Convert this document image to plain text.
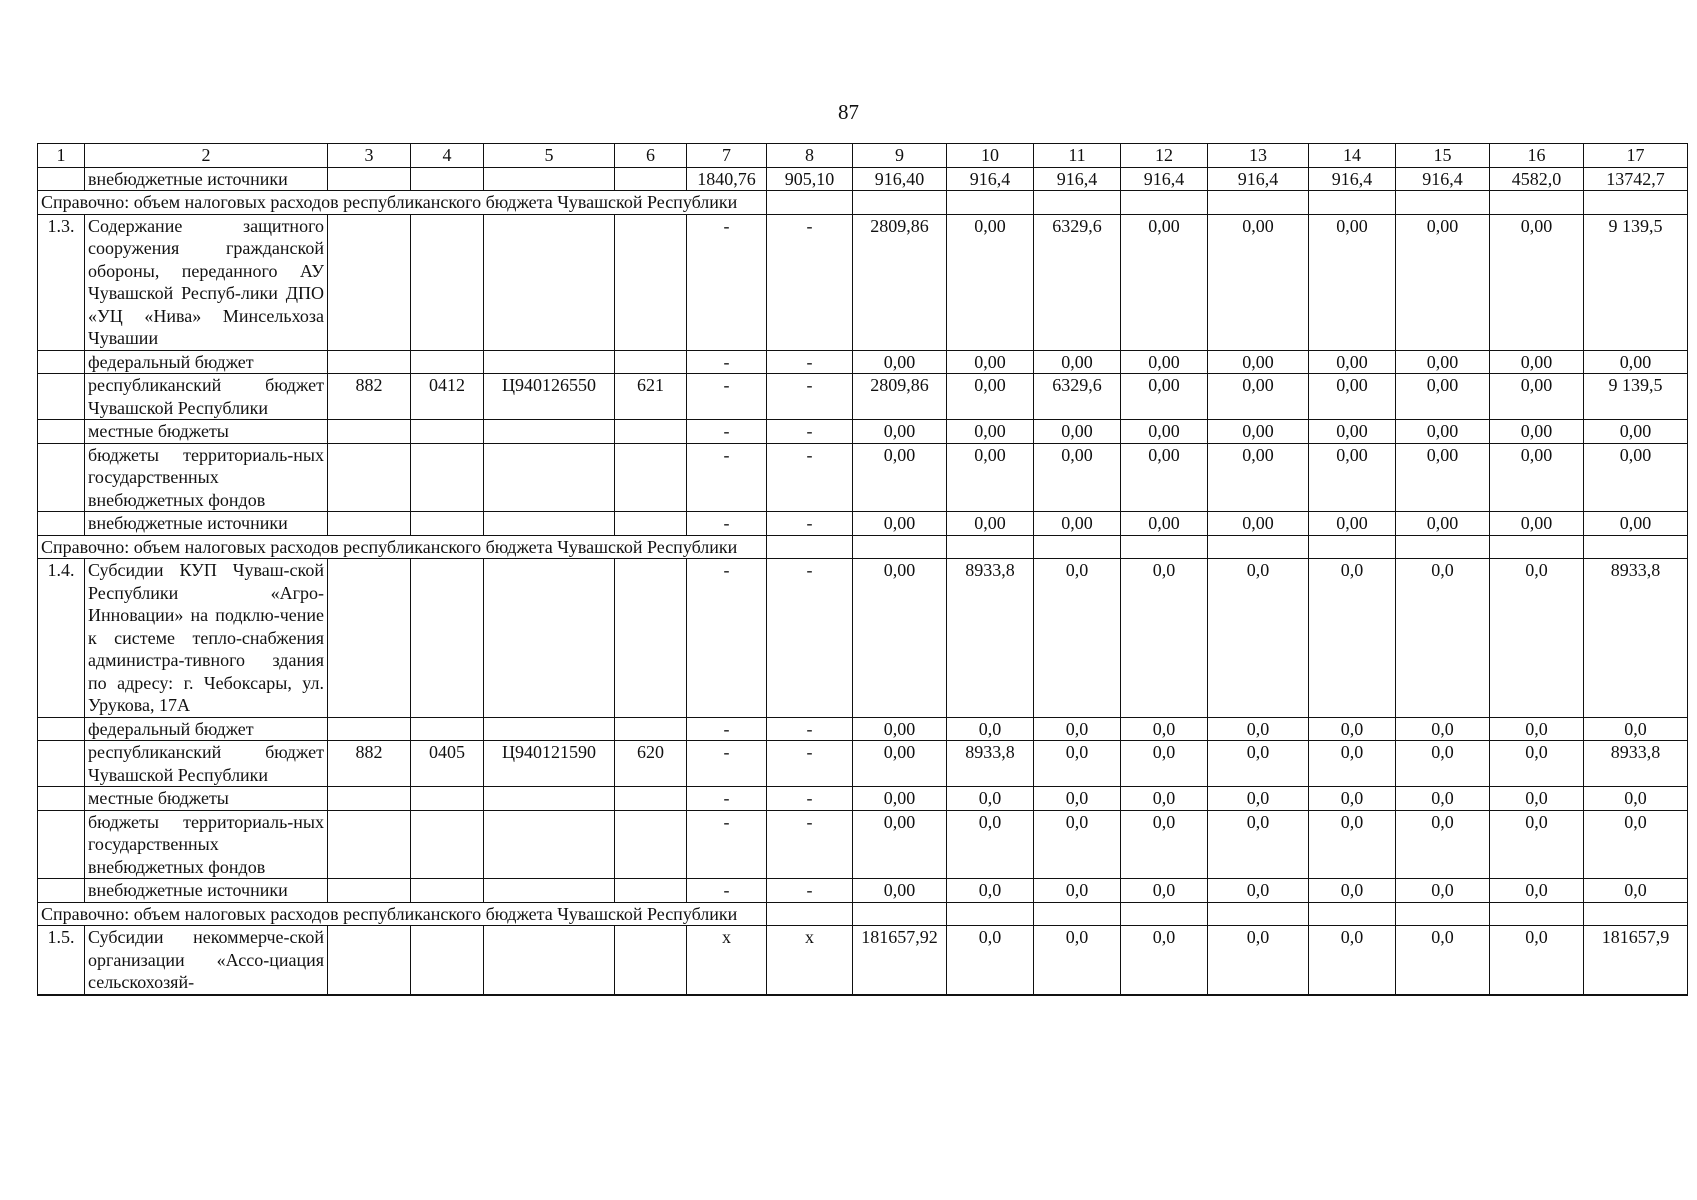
87
1	2	3	4	5	6	7	8	9	10	11	12	13	14	15	16	17
	внебюджетные источники					1840,76	905,10	916,40	916,4	916,4	916,4	916,4	916,4	916,4	4582,0	13742,7
Справочно: объем налоговых расходов республиканского бюджета Чувашской Республики																
1.3.	Содержание защитного сооружения гражданской обороны, переданного АУ Чувашской Респуб-лики ДПО «УЦ «Нива» Минсельхоза Чувашии					-	-	2809,86	0,00	6329,6	0,00	0,00	0,00	0,00	0,00	9 139,5
	федеральный бюджет					-	-	0,00	0,00	0,00	0,00	0,00	0,00	0,00	0,00	0,00
	республиканский бюджет Чувашской Республики	882	0412	Ц940126550	621	-	-	2809,86	0,00	6329,6	0,00	0,00	0,00	0,00	0,00	9 139,5
	местные бюджеты					-	-	0,00	0,00	0,00	0,00	0,00	0,00	0,00	0,00	0,00
	бюджеты территориаль-ных государственных внебюджетных фондов					-	-	0,00	0,00	0,00	0,00	0,00	0,00	0,00	0,00	0,00
	внебюджетные источники					-	-	0,00	0,00	0,00	0,00	0,00	0,00	0,00	0,00	0,00
Справочно: объем налоговых расходов республиканского бюджета Чувашской Республики																
1.4.	Субсидии КУП Чуваш-ской Республики «Агро-Инновации» на подклю-чение к системе тепло-снабжения администра-тивного здания по адресу: г. Чебоксары, ул. Урукова, 17А					-	-	0,00	8933,8	0,0	0,0	0,0	0,0	0,0	0,0	8933,8
	федеральный бюджет					-	-	0,00	0,0	0,0	0,0	0,0	0,0	0,0	0,0	0,0
	республиканский бюджет Чувашской Республики	882	0405	Ц940121590	620	-	-	0,00	8933,8	0,0	0,0	0,0	0,0	0,0	0,0	8933,8
	местные бюджеты					-	-	0,00	0,0	0,0	0,0	0,0	0,0	0,0	0,0	0,0
	бюджеты территориаль-ных государственных внебюджетных фондов					-	-	0,00	0,0	0,0	0,0	0,0	0,0	0,0	0,0	0,0
	внебюджетные источники					-	-	0,00	0,0	0,0	0,0	0,0	0,0	0,0	0,0	0,0
Справочно: объем налоговых расходов республиканского бюджета Чувашской Республики																
1.5.	Субсидии некоммерче-ской организации «Ассо-циация сельскохозяй-					х	х	181657,92	0,0	0,0	0,0	0,0	0,0	0,0	0,0	181657,9
